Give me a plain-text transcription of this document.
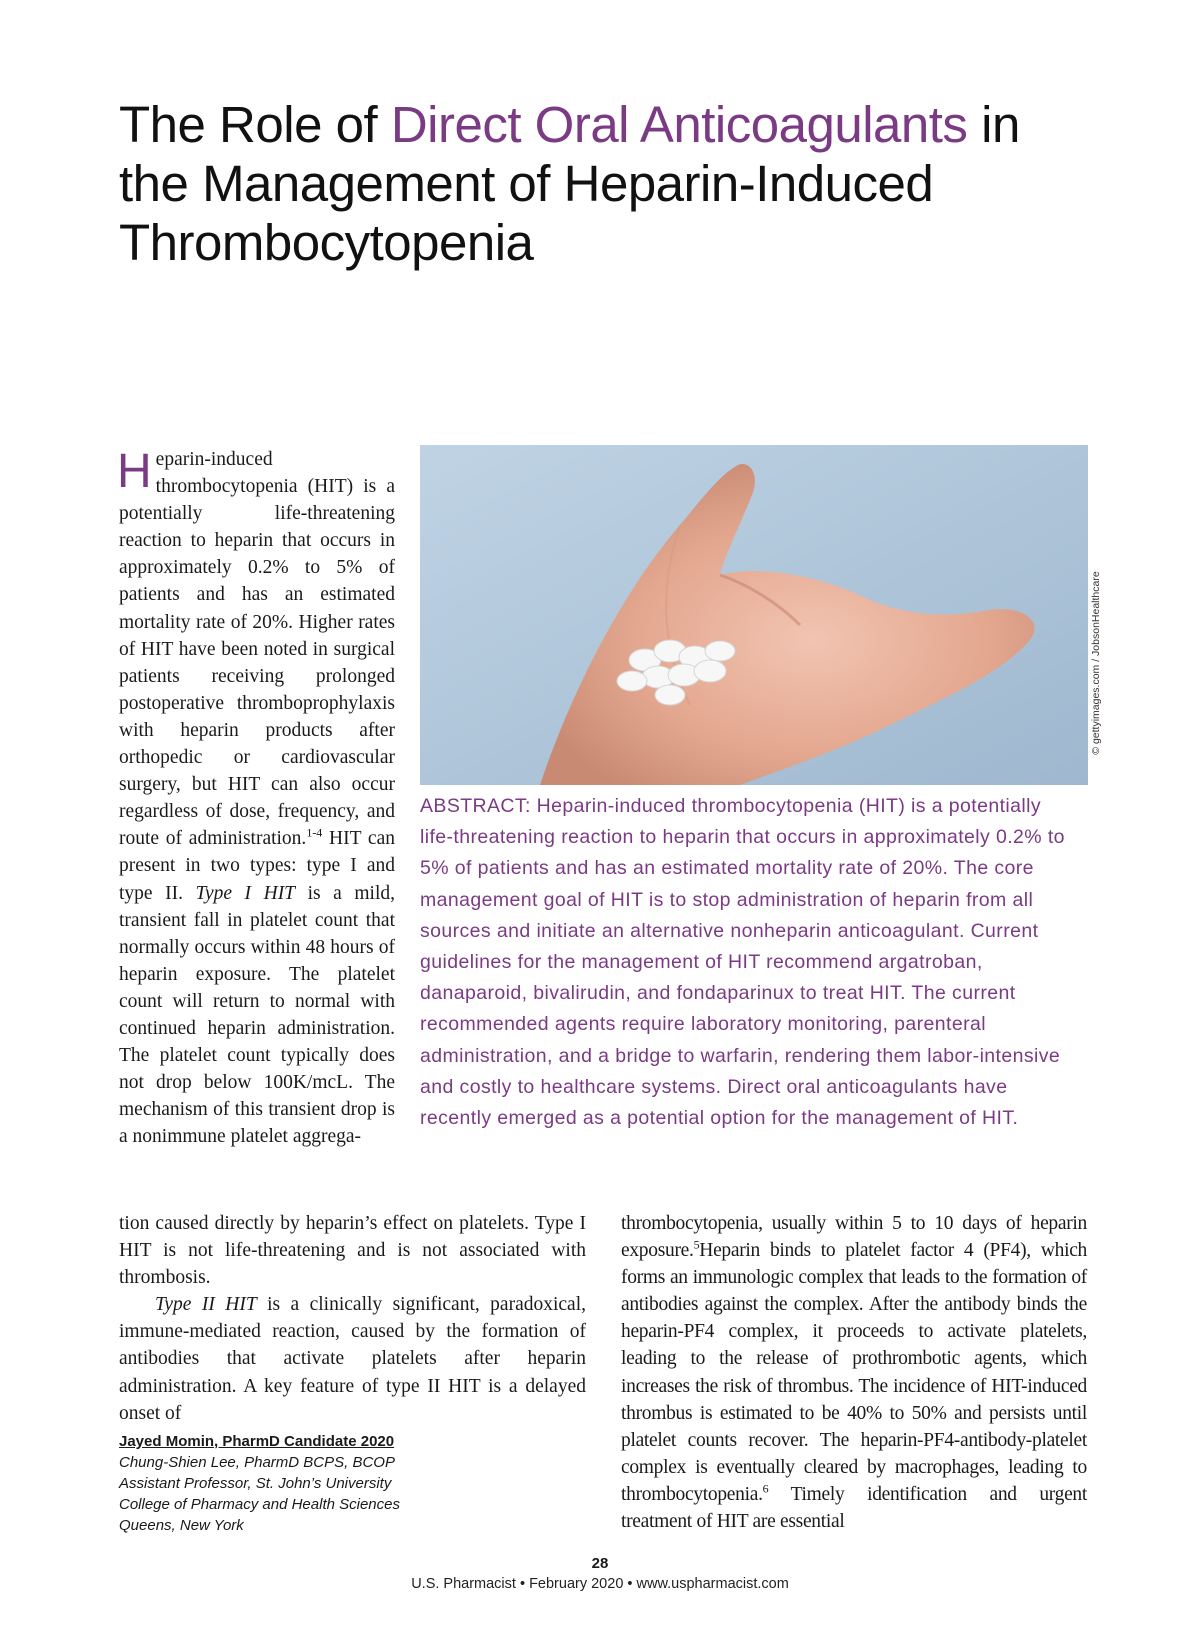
The Role of Direct Oral Anticoagulants in the Management of Heparin-Induced Thrombocytopenia
© gettyimages.com / JobsonHealthcare

Heparin-induced thrombocytopenia (HIT) is a potentially life-threatening reaction to heparin that occurs in approximately 0.2% to 5% of patients and has an estimated mortality rate of 20%. Higher rates of HIT have been noted in surgical patients receiving prolonged postoperative thromboprophylaxis with heparin products after orthopedic or cardiovascular surgery, but HIT can also occur regardless of dose, frequency, and route of administration.$^{1-4}$ HIT can present in two types: type I and type II. Type I HIT is a mild, transient fall in platelet count that normally occurs within 48 hours of heparin exposure. The platelet count will return to normal with continued heparin administration. The platelet count typically does not drop below 100K/mcL. The mechanism of this transient drop is a nonimmune platelet aggrega-

ABSTRACT: Heparin-induced thrombocytopenia (HIT) is a potentially life-threatening reaction to heparin that occurs in approximately 0.2% to 5% of patients and has an estimated mortality rate of 20%. The core management goal of HIT is to stop administration of heparin from all sources and initiate an alternative nonheparin anticoagulant. Current guidelines for the management of HIT recommend argatroban, danaparoid, bivalirudin, and fondaparinux to treat HIT. The current recommended agents require laboratory monitoring, parenteral administration, and a bridge to warfarin, rendering them labor-intensive and costly to healthcare systems. Direct oral anticoagulants have recently emerged as a potential option for the management of HIT.

tion caused directly by heparin’s effect on platelets. Type I HIT is not life-threatening and is not associated with thrombosis.

Type II HIT is a clinically significant, paradoxical, immune-mediated reaction, caused by the formation of antibodies that activate platelets after heparin administration. A key feature of type II HIT is a delayed onset of

thrombocytopenia, usually within 5 to 10 days of heparin exposure.$^5$Heparin binds to platelet factor 4 (PF4), which forms an immunologic complex that leads to the formation of antibodies against the complex. After the antibody binds the heparin-PF4 complex, it proceeds to activate platelets, leading to the release of prothrombotic agents, which increases the risk of thrombus. The incidence of HIT-induced thrombus is estimated to be 40% to 50% and persists until platelet counts recover. The heparin-PF4-antibody-platelet complex is eventually cleared by macrophages, leading to thrombocytopenia.$^6$ Timely identification and urgent treatment of HIT are essential

Jayed Momin, PharmD Candidate 2020
Chung-Shien Lee, PharmD BCPS, BCOP
Assistant Professor, St. John’s University
College of Pharmacy and Health Sciences
Queens, New York
28
U.S. Pharmacist • February 2020 • www.uspharmacist.com
